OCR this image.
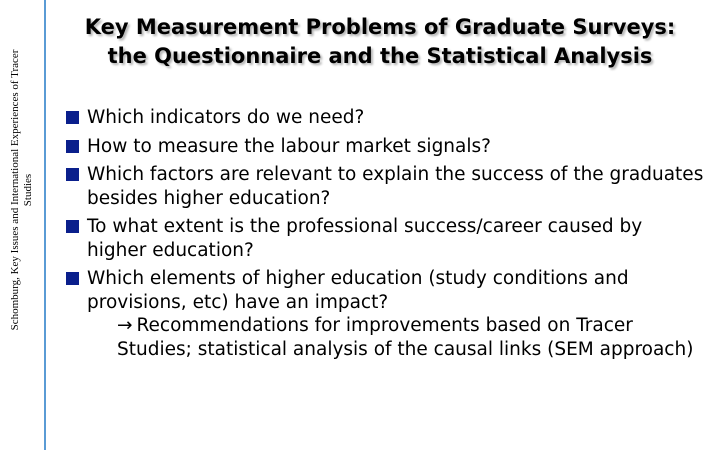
Schomburg, Key Issues and International Experiences of Tracer Studies
Key Measurement Problems of Graduate Surveys:
the Questionnaire and the Statistical Analysis
Which indicators do we need?
How to measure the labour market signals?
Which factors are relevant to explain the success of the graduates besides higher education?
To what extent is the professional success/career caused by higher education?
Which elements of higher education (study conditions and provisions, etc) have an impact?
→ Recommendations for improvements based on Tracer Studies; statistical analysis of the causal links (SEM approach)
